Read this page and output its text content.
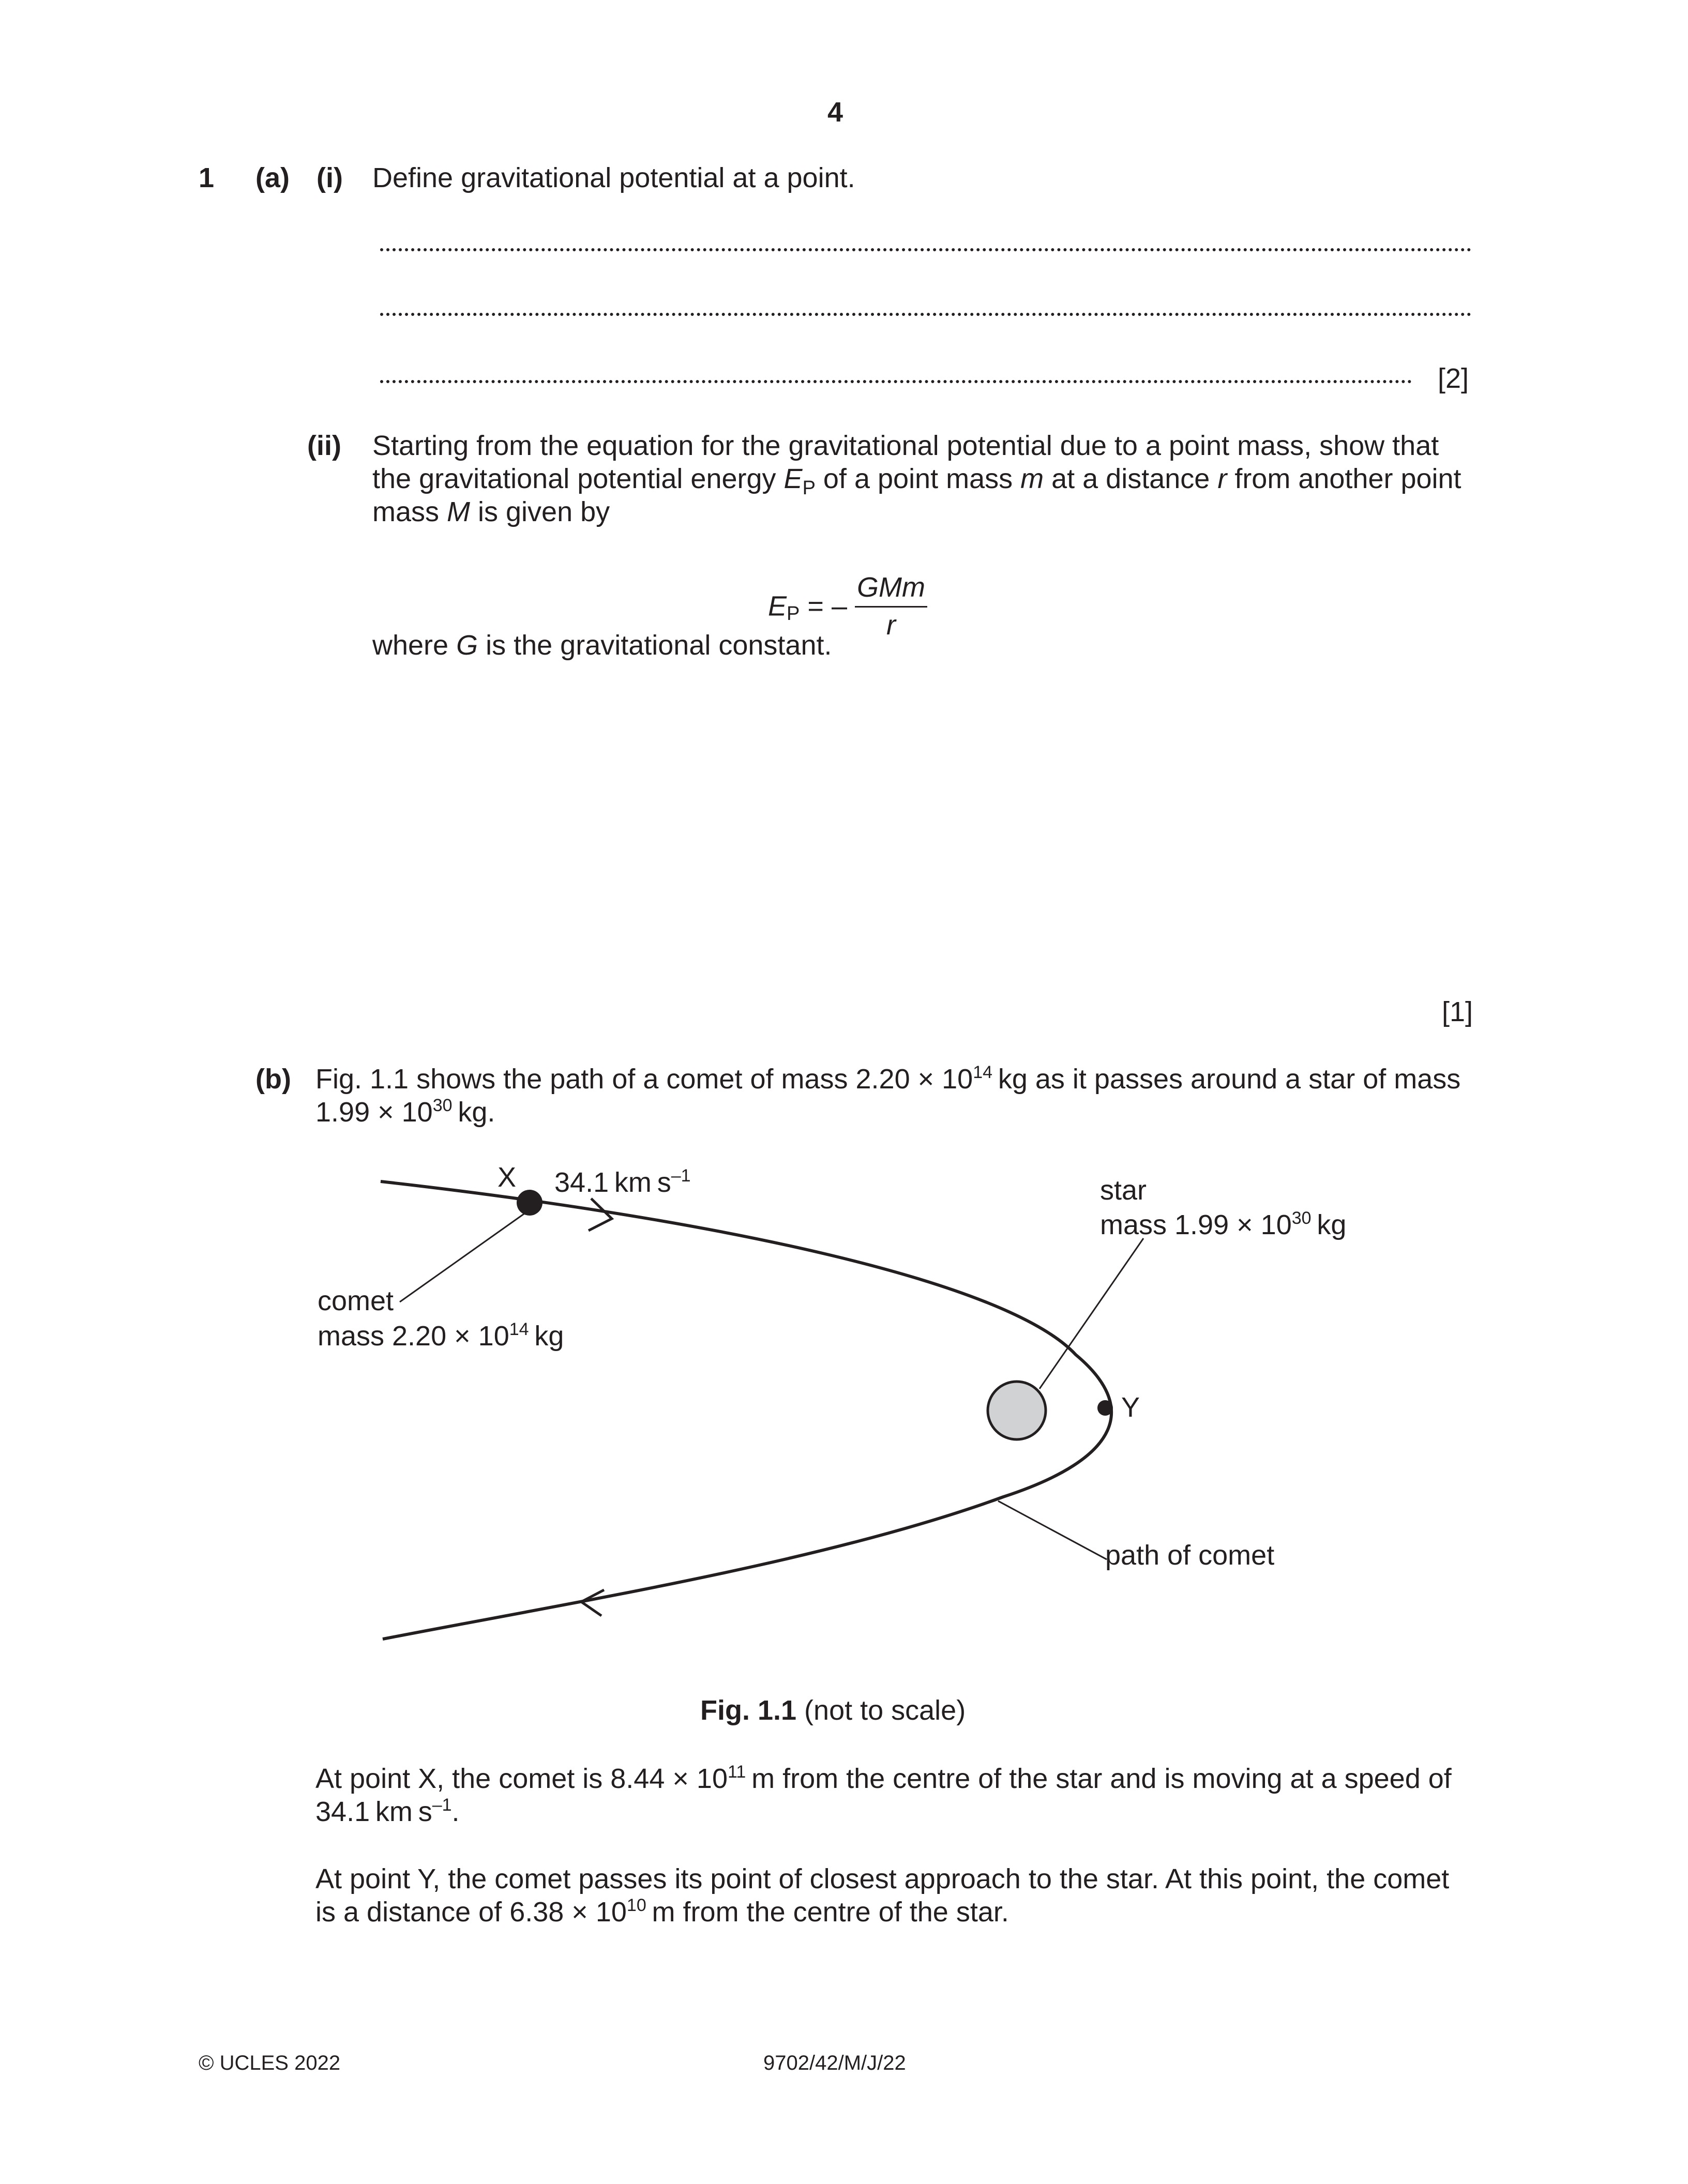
4
1 (a) (i) Define gravitational potential at a point.
[2]
(ii) Starting from the equation for the gravitational potential due to a point mass, show that
the gravitational potential energy $E_P$ of a point mass m at a distance r from another point
mass M is given by

$E_P$ = – $\frac{\text{GMm}}{r}$

where G is the gravitational constant.
[1]
(b) Fig. 1.1 shows the path of a comet of mass $2.20 \times 10^{14}$ kg as it passes around a star of mass
$1.99 \times 10^{30}$ kg.
X 34.1 km $s^{-1}$
comet
mass $2.20 \times 10^{14}$ kg
star
mass $1.99 \times 10^{30}$ kg
Y
path of comet
Fig. 1.1 (not to scale)
At point X, the comet is $8.44 \times 10^{11}$ m from the centre of the star and is moving at a speed of
34.1 km $s^{-1}$.
At point Y, the comet passes its point of closest approach to the star. At this point, the comet
is a distance of $6.38 \times 10^{10}$ m from the centre of the star.
© UCLES 2022	9702/42/M/J/22
